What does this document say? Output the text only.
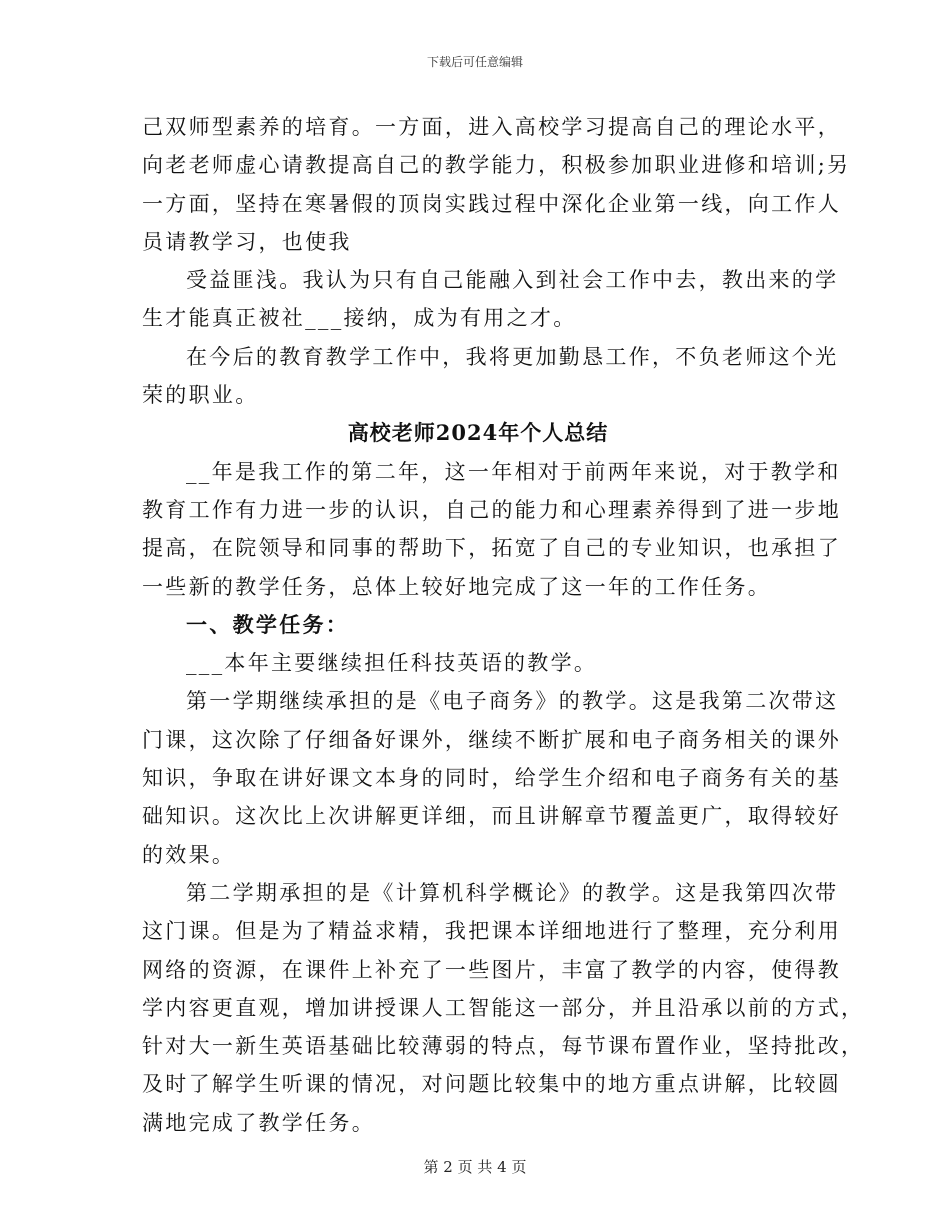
下载后可任意编辑

己双师型素养的培育。一方面，进入高校学习提高自己的理论水平，

向老老师虚心请教提高自己的教学能力，积极参加职业进修和培训;另

一方面，坚持在寒暑假的顶岗实践过程中深化企业第一线，向工作人

员请教学习，也使我

受益匪浅。我认为只有自己能融入到社会工作中去，教出来的学

生才能真正被社___接纳，成为有用之才。

在今后的教育教学工作中，我将更加勤恳工作，不负老师这个光

荣的职业。

高校老师2024年个人总结

__年是我工作的第二年，这一年相对于前两年来说，对于教学和

教育工作有力进一步的认识，自己的能力和心理素养得到了进一步地

提高，在院领导和同事的帮助下，拓宽了自己的专业知识，也承担了

一些新的教学任务，总体上较好地完成了这一年的工作任务。

一、教学任务：

___本年主要继续担任科技英语的教学。

第一学期继续承担的是《电子商务》的教学。这是我第二次带这

门课，这次除了仔细备好课外，继续不断扩展和电子商务相关的课外

知识，争取在讲好课文本身的同时，给学生介绍和电子商务有关的基

础知识。这次比上次讲解更详细，而且讲解章节覆盖更广，取得较好

的效果。

第二学期承担的是《计算机科学概论》的教学。这是我第四次带

这门课。但是为了精益求精，我把课本详细地进行了整理，充分利用

网络的资源，在课件上补充了一些图片，丰富了教学的内容，使得教

学内容更直观，增加讲授课人工智能这一部分，并且沿承以前的方式，

针对大一新生英语基础比较薄弱的特点，每节课布置作业，坚持批改，

及时了解学生听课的情况，对问题比较集中的地方重点讲解，比较圆

满地完成了教学任务。

第 2 页 共 4 页
